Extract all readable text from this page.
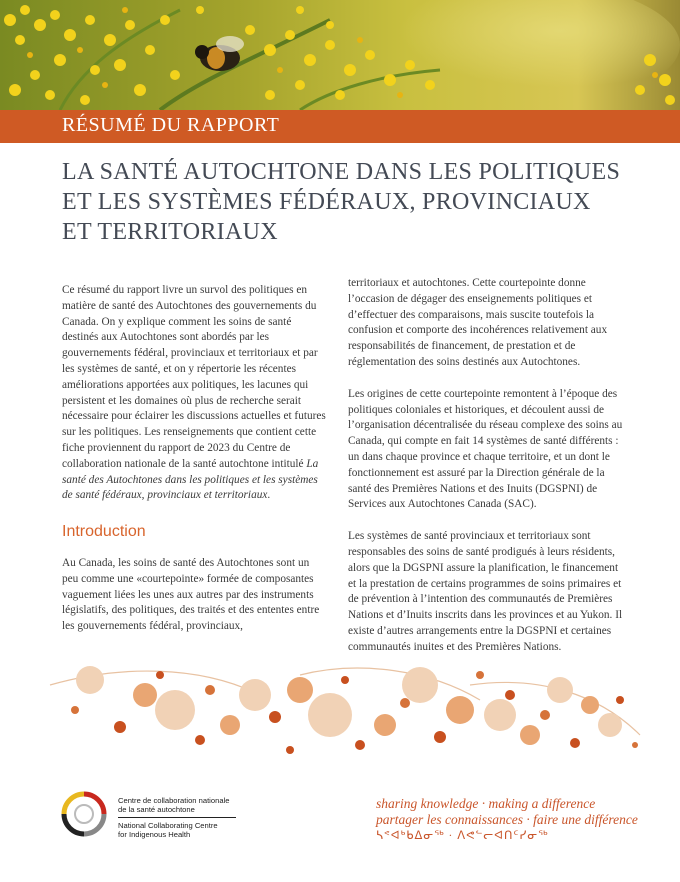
RÉSUMÉ DU RAPPORT
LA SANTÉ AUTOCHTONE DANS LES POLITIQUES ET LES SYSTÈMES FÉDÉRAUX, PROVINCIAUX ET TERRITORIAUX

Ce résumé du rapport livre un survol des politiques en matière de santé des Autochtones des gouvernements du Canada. On y explique comment les soins de santé destinés aux Autochtones sont abordés par les gouvernements fédéral, provinciaux et territoriaux et par les systèmes de santé, et on y répertorie les récentes améliorations apportées aux politiques, les lacunes qui persistent et les domaines où plus de recherche serait nécessaire pour éclairer les discussions actuelles et futures sur les politiques. Les renseignements que contient cette fiche proviennent du rapport de 2023 du Centre de collaboration nationale de la santé autochtone intitulé La santé des Autochtones dans les politiques et les systèmes de santé fédéraux, provinciaux et territoriaux.

Introduction

Au Canada, les soins de santé des Autochtones sont un peu comme une «courtepointe» formée de composantes vaguement liées les unes aux autres par des instruments législatifs, des politiques, des traités et des ententes entre les gouvernements fédéral, provinciaux,

territoriaux et autochtones. Cette courtepointe donne l’occasion de dégager des enseignements politiques et d’effectuer des comparaisons, mais suscite toutefois la confusion et comporte des incohérences relativement aux responsabilités de financement, de prestation et de réglementation des soins destinés aux Autochtones.

Les origines de cette courtepointe remontent à l’époque des politiques coloniales et historiques, et découlent aussi de l’organisation décentralisée du réseau complexe des soins au Canada, qui compte en fait 14 systèmes de santé différents : un dans chaque province et chaque territoire, et un dont le fonctionnement est assuré par la Direction générale de la santé des Premières Nations et des Inuits (DGSPNI) de Services aux Autochtones Canada (SAC).

Les systèmes de santé provinciaux et territoriaux sont responsables des soins de santé prodigués à leurs résidents, alors que la DGSPNI assure la planification, le financement et la prestation de certains programmes de soins primaires et de prévention à l’intention des communautés de Premières Nations et d’Inuits inscrits dans les provinces et au Yukon. Il existe d’autres arrangements entre la DGSPNI et certaines communautés inuites et des Premières Nations.

Centre de collaboration nationale
de la santé autochtone
National Collaborating Centre
for Indigenous Health
sharing knowledge · making a difference
partager les connaissances · faire une différence
ᓴᕝᐊᒃᑲᐃᓂᖅ · ᐱᕙᓪᓕᐊᑎᑦᓯᓂᖅ
